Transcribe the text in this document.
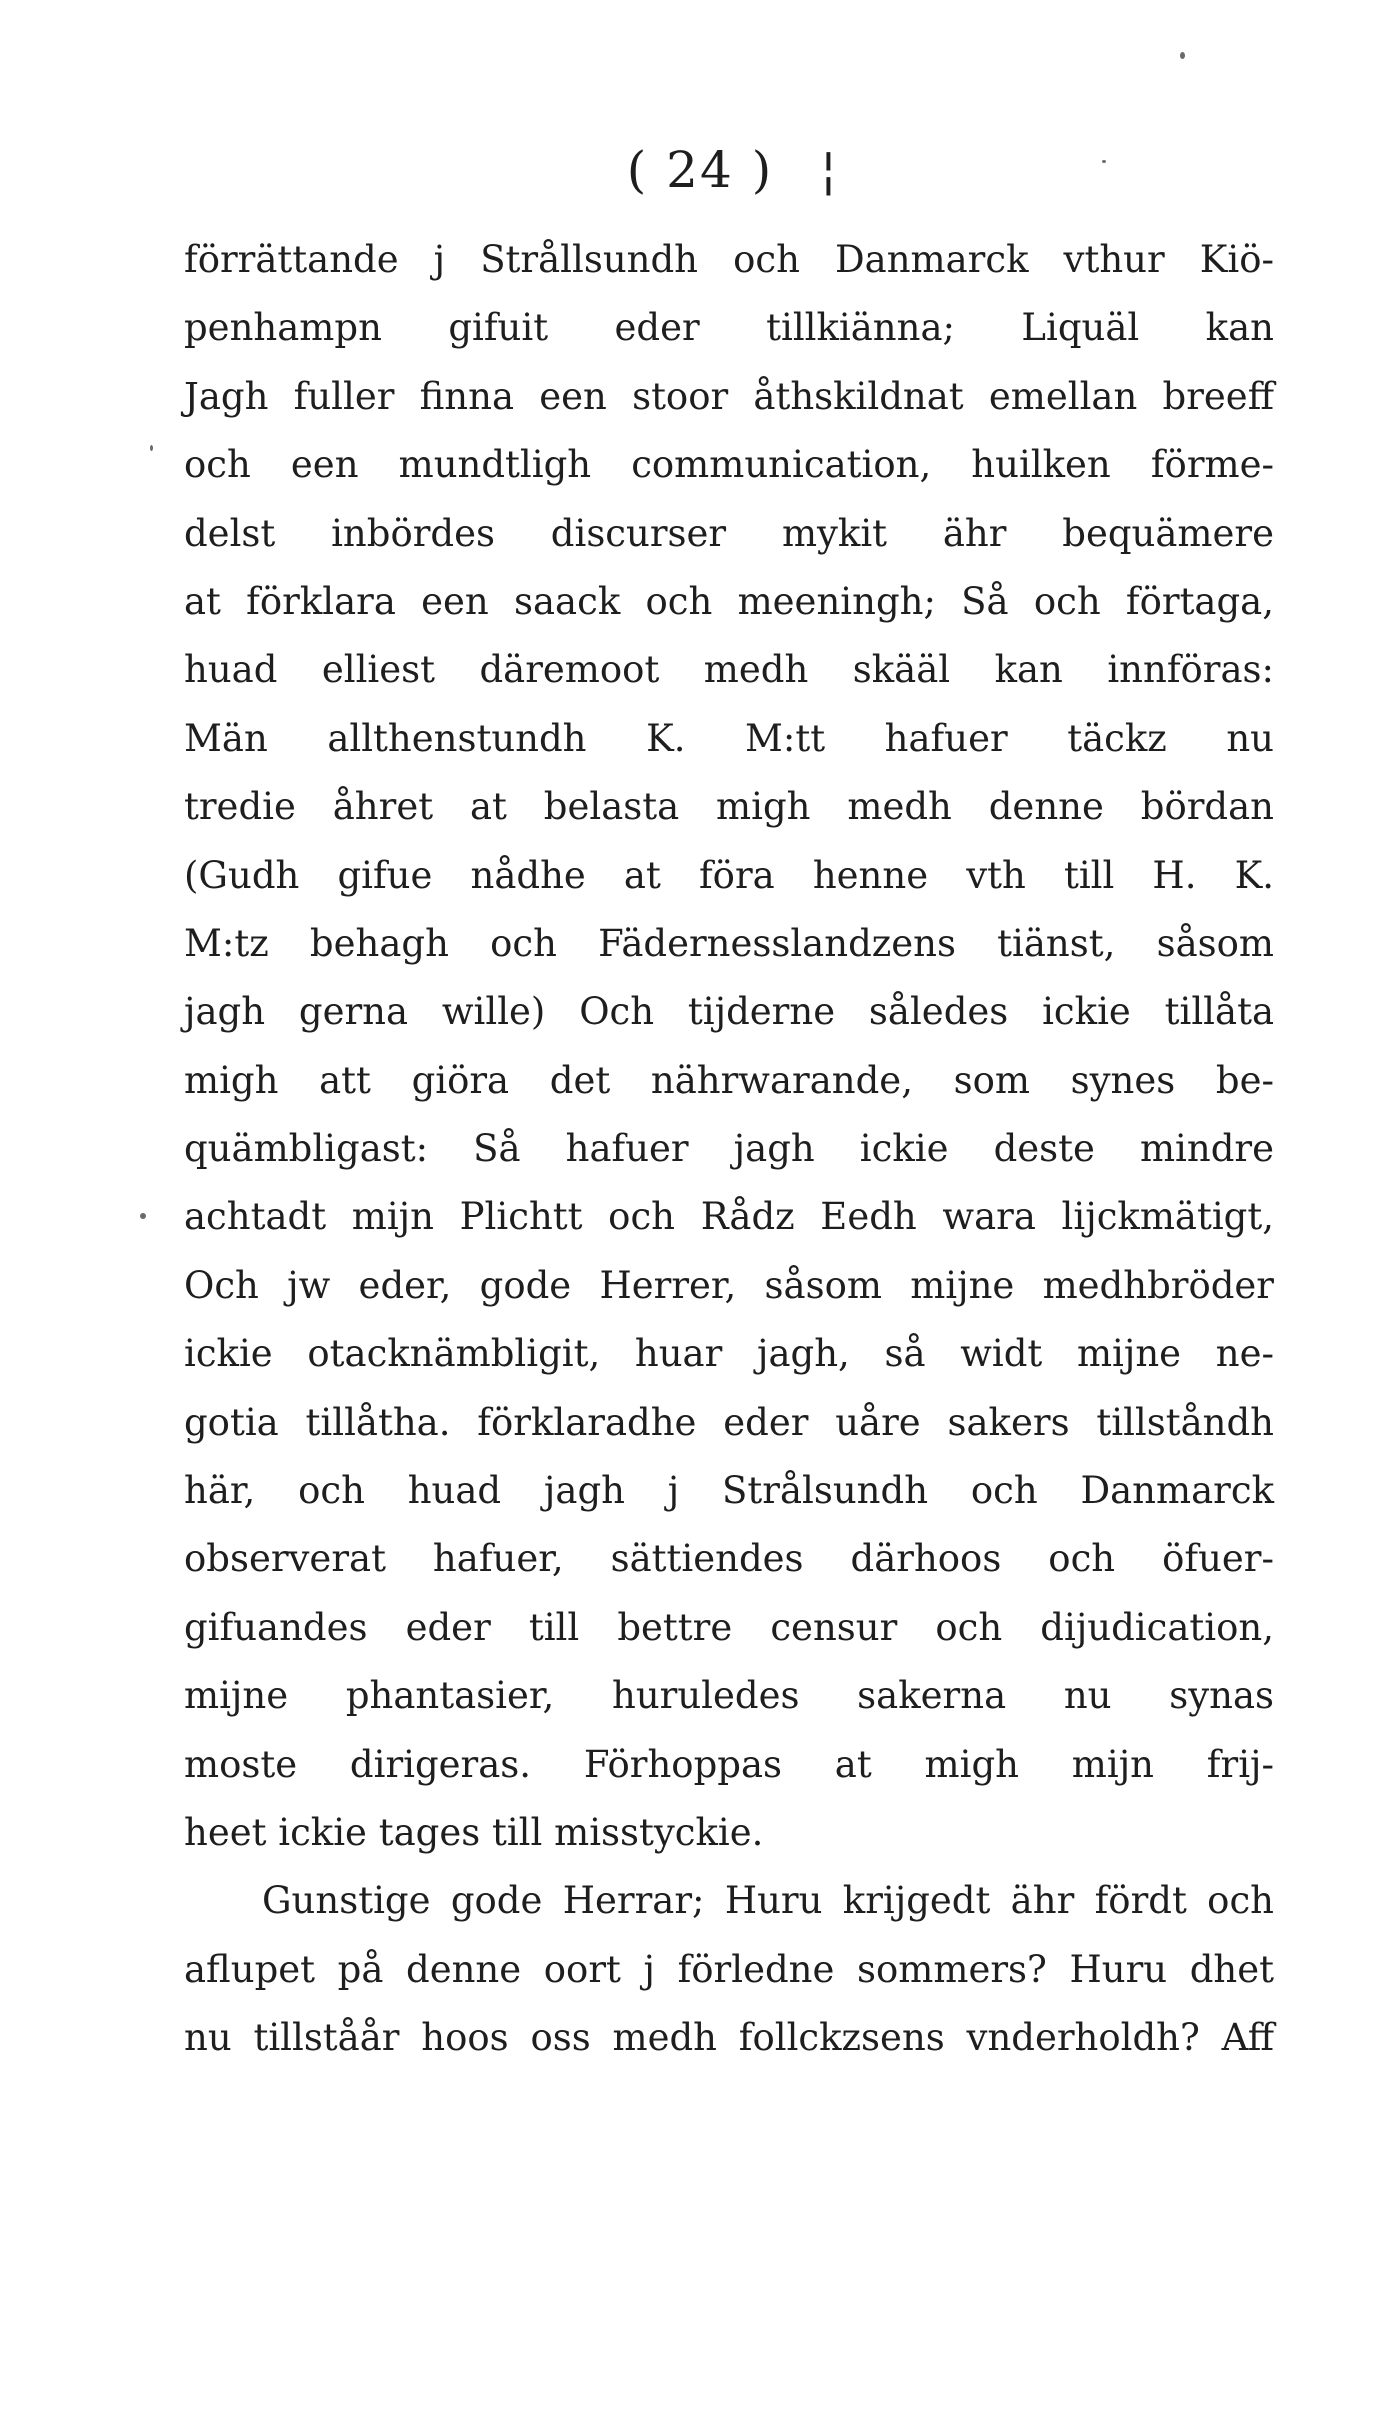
( 24 ) ¦
förrättande j Strållsundh och Danmarck vthur Kiö-
penhampn gifuit eder tillkiänna; Liquäl kan
Jagh fuller finna een stoor åthskildnat emellan breeff
och een mundtligh communication, huilken förme-
delst inbördes discurser mykit ähr bequämere
at förklara een saack och meeningh; Så och förtaga,
huad elliest däremoot medh skääl kan innföras:
Män allthenstundh K. M:tt hafuer täckz nu
tredie åhret at belasta migh medh denne bördan
(Gudh gifue nådhe at föra henne vth till H. K.
M:tz behagh och Fädernesslandzens tiänst, såsom
jagh gerna wille) Och tijderne således ickie tillåta
migh att giöra det nährwarande, som synes be-
quämbligast: Så hafuer jagh ickie deste mindre
achtadt mijn Plichtt och Rådz Eedh wara lijckmätigt,
Och jw eder, gode Herrer, såsom mijne medhbröder
ickie otacknämbligit, huar jagh, så widt mijne ne-
gotia tillåtha. förklaradhe eder uåre sakers tillståndh
här, och huad jagh j Strålsundh och Danmarck
observerat hafuer, sättiendes därhoos och öfuer-
gifuandes eder till bettre censur och dijudication,
mijne phantasier, huruledes sakerna nu synas
moste dirigeras. Förhoppas at migh mijn frij-
heet ickie tages till misstyckie.
Gunstige gode Herrar; Huru krijgedt ähr fördt och
aflupet på denne oort j förledne sommers? Huru dhet
nu tillståår hoos oss medh follckzsens vnderholdh? Aff
